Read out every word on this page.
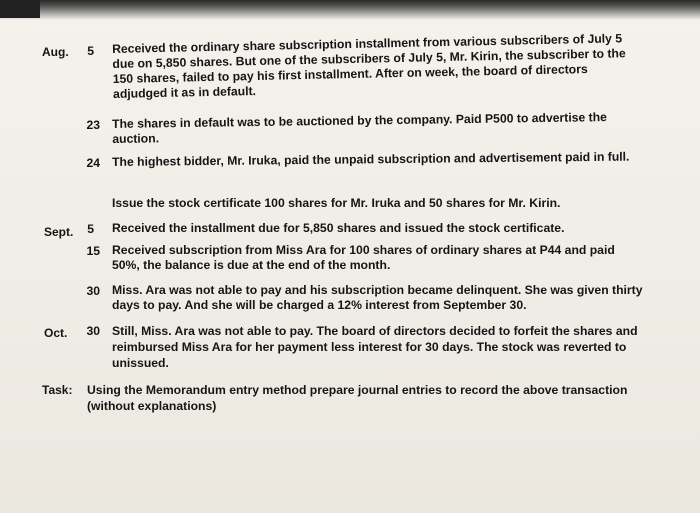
Aug.	5 Received the ordinary share subscription installment from various subscribers of July 5 due on 5,850 shares. But one of the subscribers of July 5, Mr. Kirin, the subscriber to the 150 shares, failed to pay his first installment. After on week, the board of directors adjudged it as in default.
23 The shares in default was to be auctioned by the company. Paid P500 to advertise the auction.
24 The highest bidder, Mr. Iruka, paid the unpaid subscription and advertisement paid in full.
Issue the stock certificate 100 shares for Mr. Iruka and 50 shares for Mr. Kirin.
Sept.	5 Received the installment due for 5,850 shares and issued the stock certificate.
15 Received subscription from Miss Ara for 100 shares of ordinary shares at P44 and paid 50%, the balance is due at the end of the month.
30 Miss. Ara was not able to pay and his subscription became delinquent. She was given thirty days to pay. And she will be charged a 12% interest from September 30.
Oct.	30 Still, Miss. Ara was not able to pay. The board of directors decided to forfeit the shares and reimbursed Miss Ara for her payment less interest for 30 days. The stock was reverted to unissued.
Task: Using the Memorandum entry method prepare journal entries to record the above transaction (without explanations)
